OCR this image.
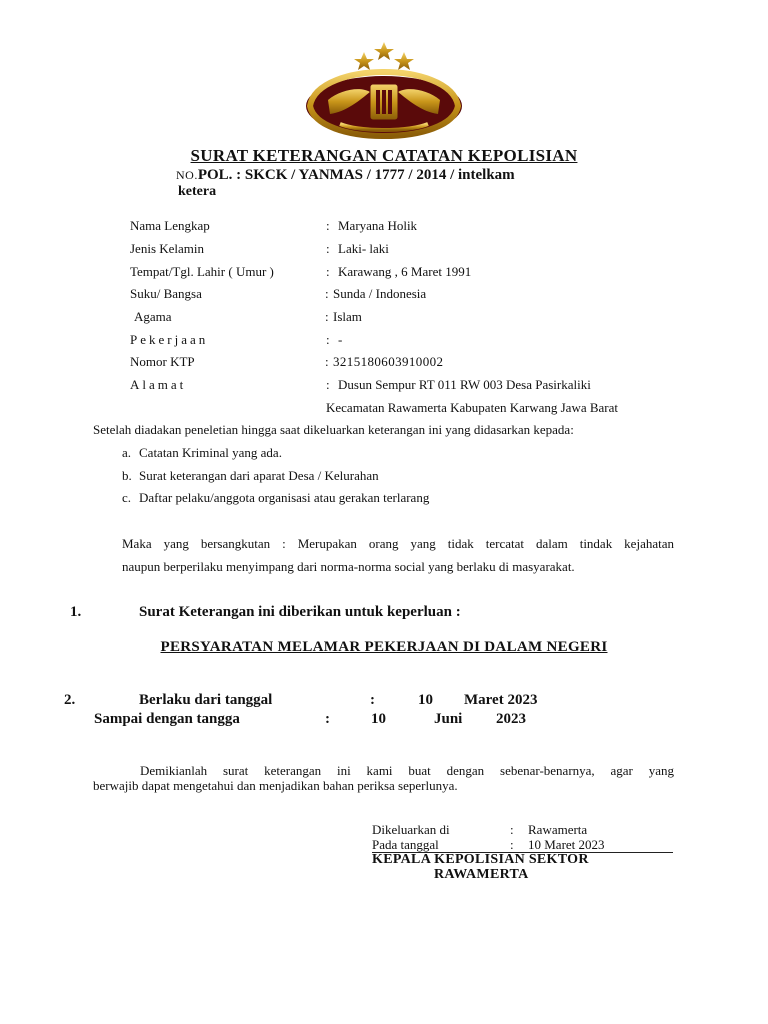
SURAT KETERANGAN CATATAN KEPOLISIAN
NO.POL. : SKCK / YANMAS / 1777 / 2014 / intelkam
ketera
Nama Lengkap	: Maryana Holik
Jenis Kelamin	: Laki- laki
Tempat/Tgl. Lahir ( Umur )	: Karawang , 6 Maret 1991
Suku/ Bangsa	: Sunda / Indonesia
Agama	: Islam
Pekerjaan	: -
Nomor KTP	: 3215180603910002
Alamat	: Dusun Sempur RT 011 RW 003 Desa Pasirkaliki
Kecamatan Rawamerta Kabupaten Karwang Jawa Barat
Setelah diadakan peneletian hingga saat dikeluarkan keterangan ini yang didasarkan kepada:
a. Catatan Kriminal yang ada.
b. Surat keterangan dari aparat Desa / Kelurahan
c. Daftar pelaku/anggota organisasi atau gerakan terlarang
Maka yang bersangkutan : Merupakan orang yang tidak tercatat dalam tindak kejahatan
naupun berperilaku menyimpang dari norma-norma social yang berlaku di masyarakat.
1.	Surat Keterangan ini diberikan untuk keperluan :
PERSYARATAN MELAMAR PEKERJAAN DI DALAM NEGERI
2.	Berlaku dari tanggal	:	10 Maret 2023
Sampai dengan tangga	:	10	Juni 2023
Demikianlah surat keterangan ini kami buat dengan sebenar-benarnya, agar yang
berwajib dapat mengetahui dan menjadikan bahan periksa seperlunya.
Dikeluarkan di	: Rawamerta
Pada tanggal	: 10 Maret 2023
KEPALA KEPOLISIAN SEKTOR
RAWAMERTA
